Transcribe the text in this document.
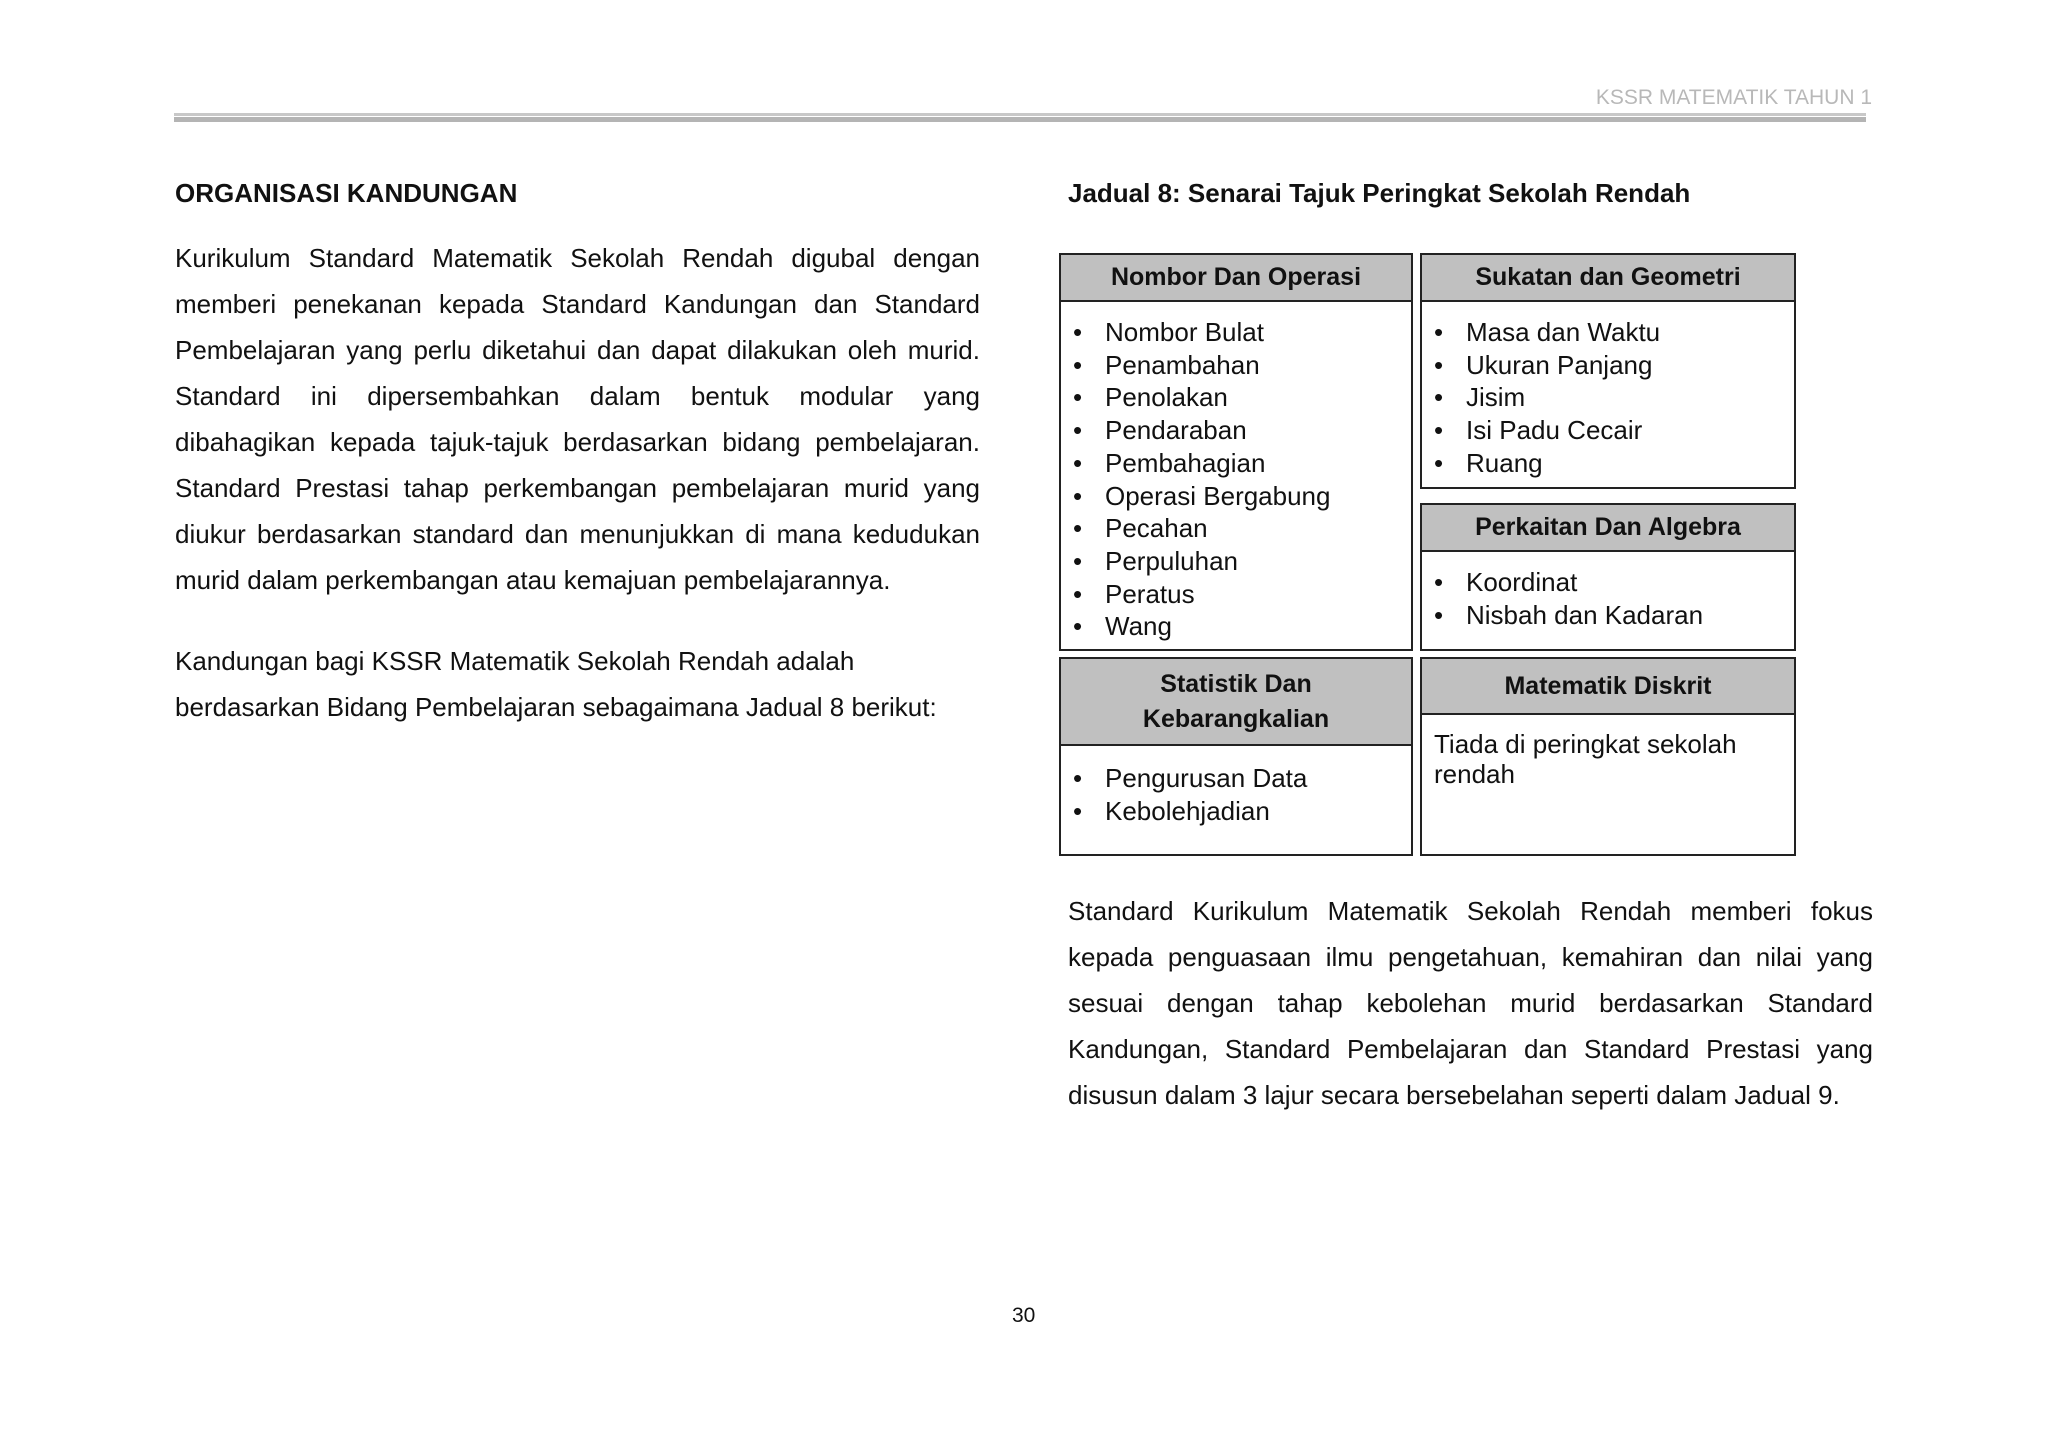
KSSR MATEMATIK TAHUN 1
ORGANISASI KANDUNGAN
Kurikulum Standard Matematik Sekolah Rendah digubal dengan
memberi penekanan kepada Standard Kandungan dan Standard
Pembelajaran yang perlu diketahui dan dapat dilakukan oleh murid.
Standard ini dipersembahkan dalam bentuk modular yang
dibahagikan kepada tajuk-tajuk berdasarkan bidang pembelajaran.
Standard Prestasi tahap perkembangan pembelajaran murid yang
diukur berdasarkan standard dan menunjukkan di mana kedudukan
murid dalam perkembangan atau kemajuan pembelajarannya.
Kandungan bagi KSSR Matematik Sekolah Rendah adalah
berdasarkan Bidang Pembelajaran sebagaimana Jadual 8 berikut:
Jadual 8: Senarai Tajuk Peringkat Sekolah Rendah
Nombor Dan Operasi
• Nombor Bulat
• Penambahan
• Penolakan
• Pendaraban
• Pembahagian
• Operasi Bergabung
• Pecahan
• Perpuluhan
• Peratus
• Wang
Sukatan dan Geometri
• Masa dan Waktu
• Ukuran Panjang
• Jisim
• Isi Padu Cecair
• Ruang
Perkaitan Dan Algebra
• Koordinat
• Nisbah dan Kadaran
Statistik Dan
Kebarangkalian
• Pengurusan Data
• Kebolehjadian
Matematik Diskrit
Tiada di peringkat sekolah
rendah
Standard Kurikulum Matematik Sekolah Rendah memberi fokus
kepada penguasaan ilmu pengetahuan, kemahiran dan nilai yang
sesuai dengan tahap kebolehan murid berdasarkan Standard
Kandungan, Standard Pembelajaran dan Standard Prestasi yang
disusun dalam 3 lajur secara bersebelahan seperti dalam Jadual 9.
30
